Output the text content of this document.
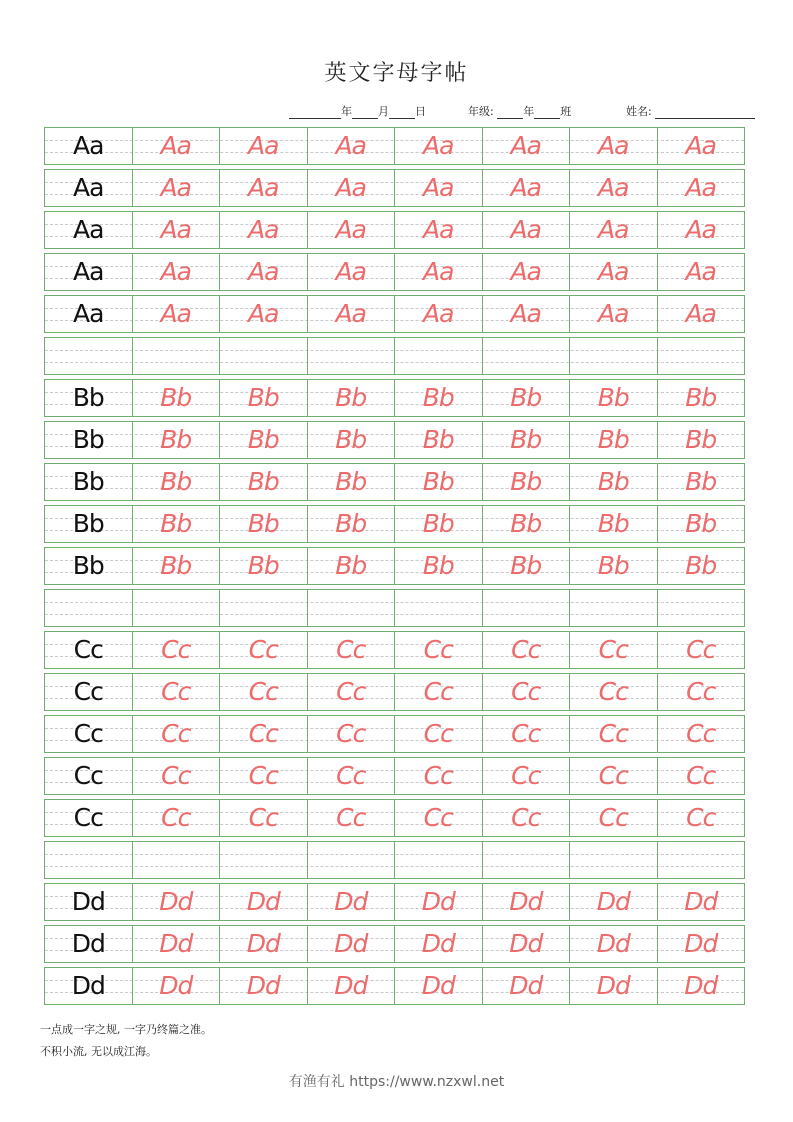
英文字母字帖
年 月 日	年级:	年 班	姓名:
Aa	Aa	Aa	Aa	Aa	Aa	Aa	Aa
Aa	Aa	Aa	Aa	Aa	Aa	Aa	Aa
Aa	Aa	Aa	Aa	Aa	Aa	Aa	Aa
Aa	Aa	Aa	Aa	Aa	Aa	Aa	Aa
Aa	Aa	Aa	Aa	Aa	Aa	Aa	Aa
Bb	Bb	Bb	Bb	Bb	Bb	Bb	Bb
Bb	Bb	Bb	Bb	Bb	Bb	Bb	Bb
Bb	Bb	Bb	Bb	Bb	Bb	Bb	Bb
Bb	Bb	Bb	Bb	Bb	Bb	Bb	Bb
Bb	Bb	Bb	Bb	Bb	Bb	Bb	Bb
Cc	Cc	Cc	Cc	Cc	Cc	Cc	Cc
Cc	Cc	Cc	Cc	Cc	Cc	Cc	Cc
Cc	Cc	Cc	Cc	Cc	Cc	Cc	Cc
Cc	Cc	Cc	Cc	Cc	Cc	Cc	Cc
Cc	Cc	Cc	Cc	Cc	Cc	Cc	Cc
Dd	Dd	Dd	Dd	Dd	Dd	Dd	Dd
Dd	Dd	Dd	Dd	Dd	Dd	Dd	Dd
Dd	Dd	Dd	Dd	Dd	Dd	Dd	Dd
一点成一字之规, 一字乃终篇之准。
不积小流, 无以成江海。
有渔有礼 https://www.nzxwl.net
